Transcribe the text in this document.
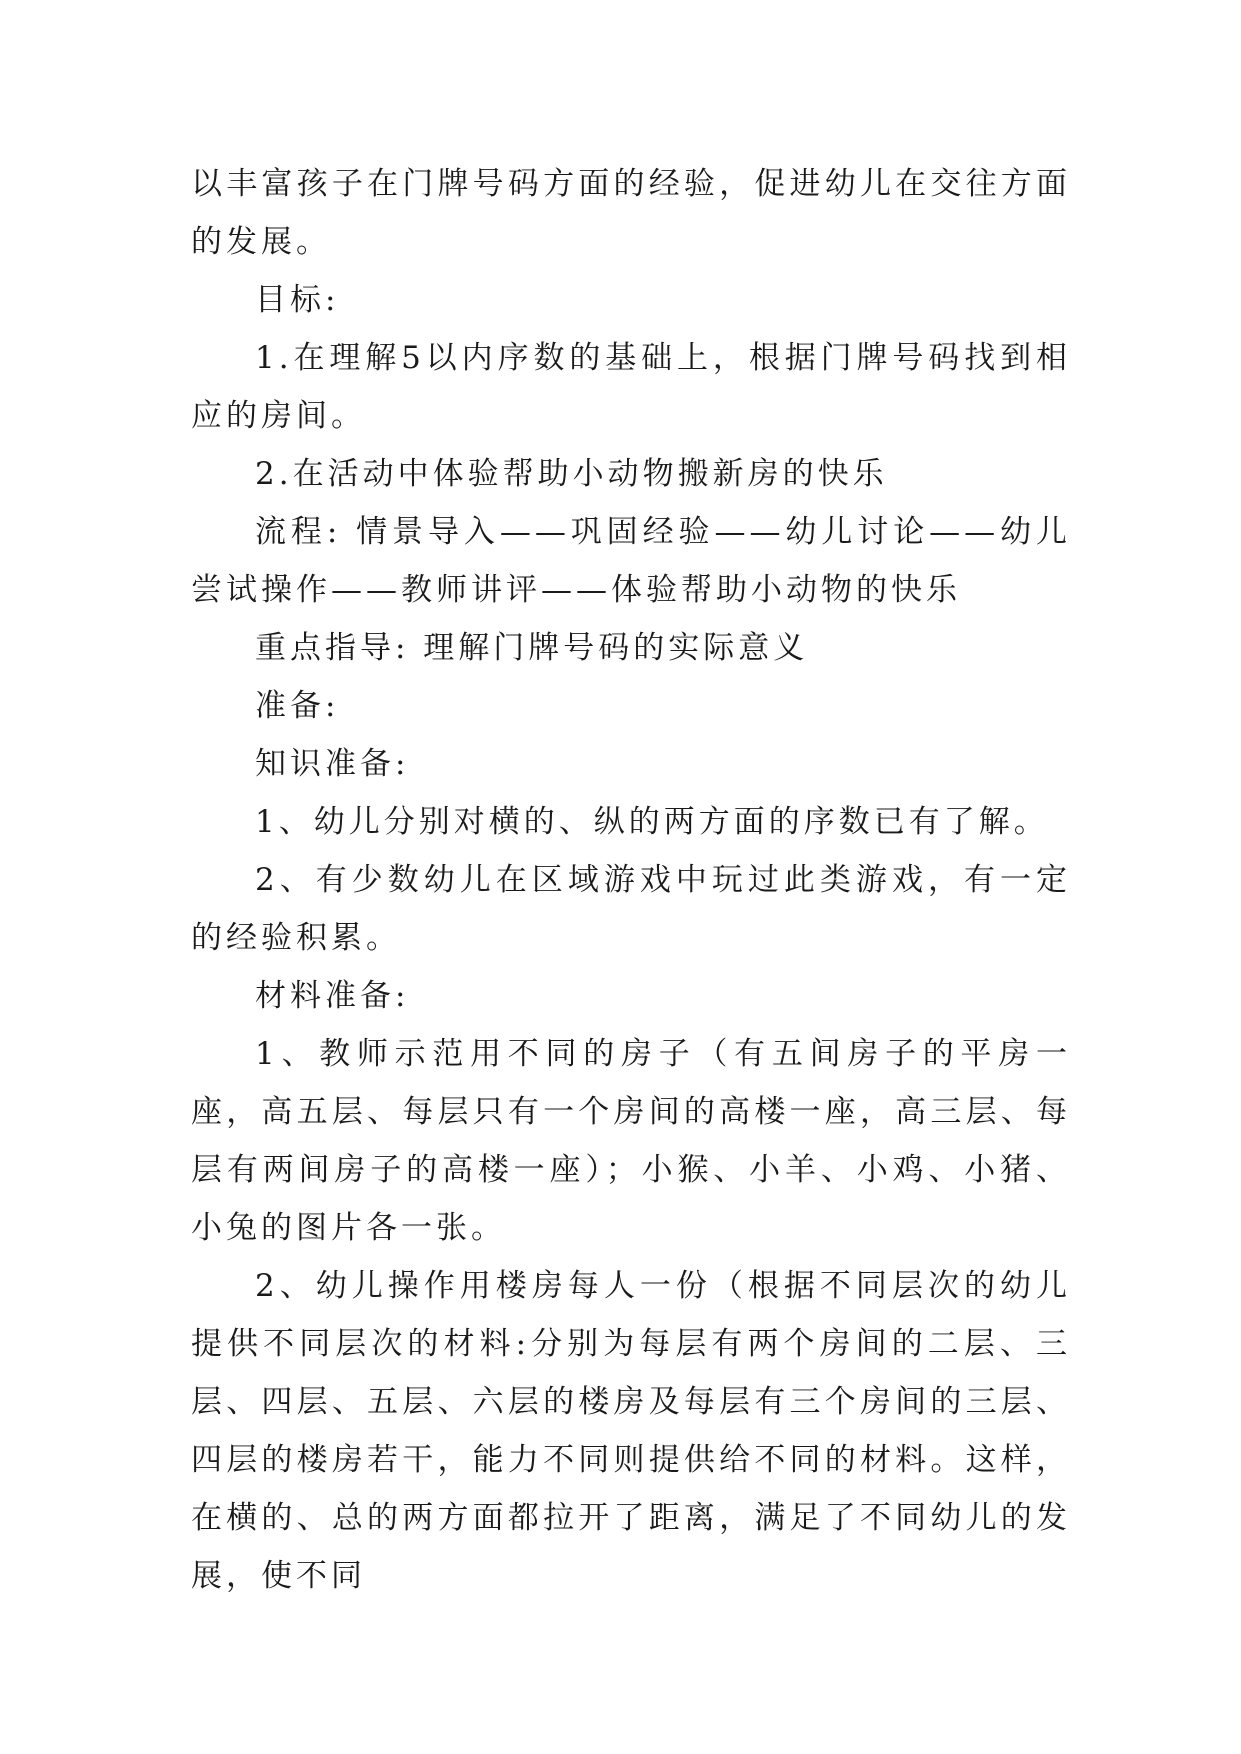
以丰富孩子在门牌号码方面的经验，促进幼儿在交往方面的发展。

目标:

1.在理解5以内序数的基础上，根据门牌号码找到相应的房间。

2.在活动中体验帮助小动物搬新房的快乐

流程: 情景导入——巩固经验——幼儿讨论——幼儿尝试操作——教师讲评——体验帮助小动物的快乐

重点指导: 理解门牌号码的实际意义

准备:

知识准备:

1、幼儿分别对横的、纵的两方面的序数已有了解。

2、有少数幼儿在区域游戏中玩过此类游戏，有一定的经验积累。

材料准备:

1、教师示范用不同的房子（有五间房子的平房一座，高五层、每层只有一个房间的高楼一座，高三层、每层有两间房子的高楼一座）；小猴、小羊、小鸡、小猪、小兔的图片各一张。

2、幼儿操作用楼房每人一份（根据不同层次的幼儿提供不同层次的材料:分别为每层有两个房间的二层、三层、四层、五层、六层的楼房及每层有三个房间的三层、四层的楼房若干，能力不同则提供给不同的材料。这样，在横的、总的两方面都拉开了距离，满足了不同幼儿的发展，使不同
